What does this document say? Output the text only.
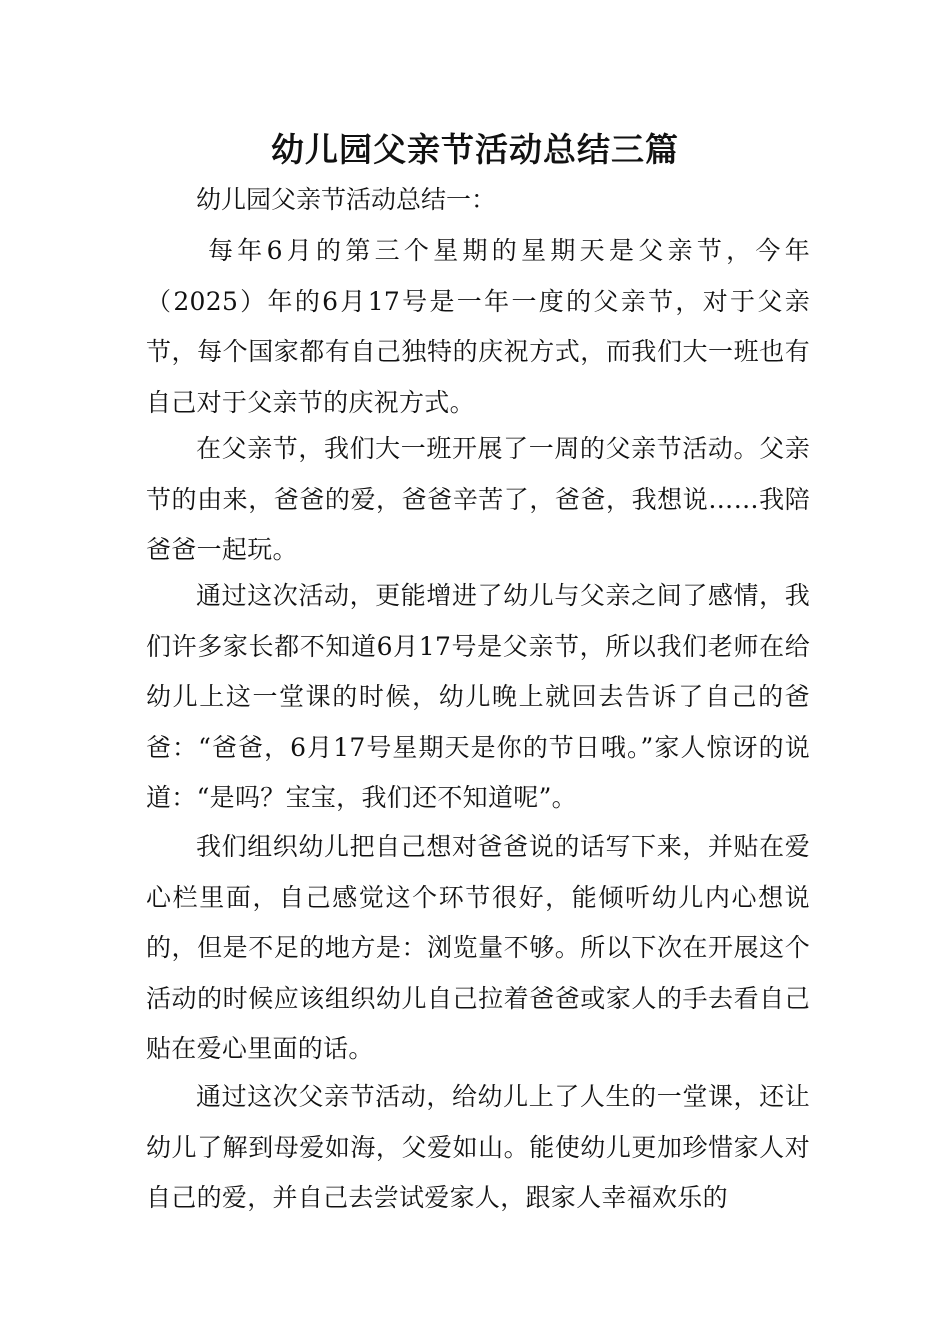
幼儿园父亲节活动总结三篇
幼儿园父亲节活动总结一：

每年6月的第三个星期的星期天是父亲节，今年（2025）年的6月17号是一年一度的父亲节，对于父亲节，每个国家都有自己独特的庆祝方式，而我们大一班也有自己对于父亲节的庆祝方式。

在父亲节，我们大一班开展了一周的父亲节活动。父亲节的由来，爸爸的爱，爸爸辛苦了，爸爸，我想说……我陪爸爸一起玩。

通过这次活动，更能增进了幼儿与父亲之间了感情，我们许多家长都不知道6月17号是父亲节，所以我们老师在给幼儿上这一堂课的时候，幼儿晚上就回去告诉了自己的爸爸：“爸爸，6月17号星期天是你的节日哦。”家人惊讶的说道：“是吗？宝宝，我们还不知道呢”。

我们组织幼儿把自己想对爸爸说的话写下来，并贴在爱心栏里面，自己感觉这个环节很好，能倾听幼儿内心想说的，但是不足的地方是：浏览量不够。所以下次在开展这个活动的时候应该组织幼儿自己拉着爸爸或家人的手去看自己贴在爱心里面的话。

通过这次父亲节活动，给幼儿上了人生的一堂课，还让幼儿了解到母爱如海，父爱如山。能使幼儿更加珍惜家人对自己的爱，并自己去尝试爱家人，跟家人幸福欢乐的
